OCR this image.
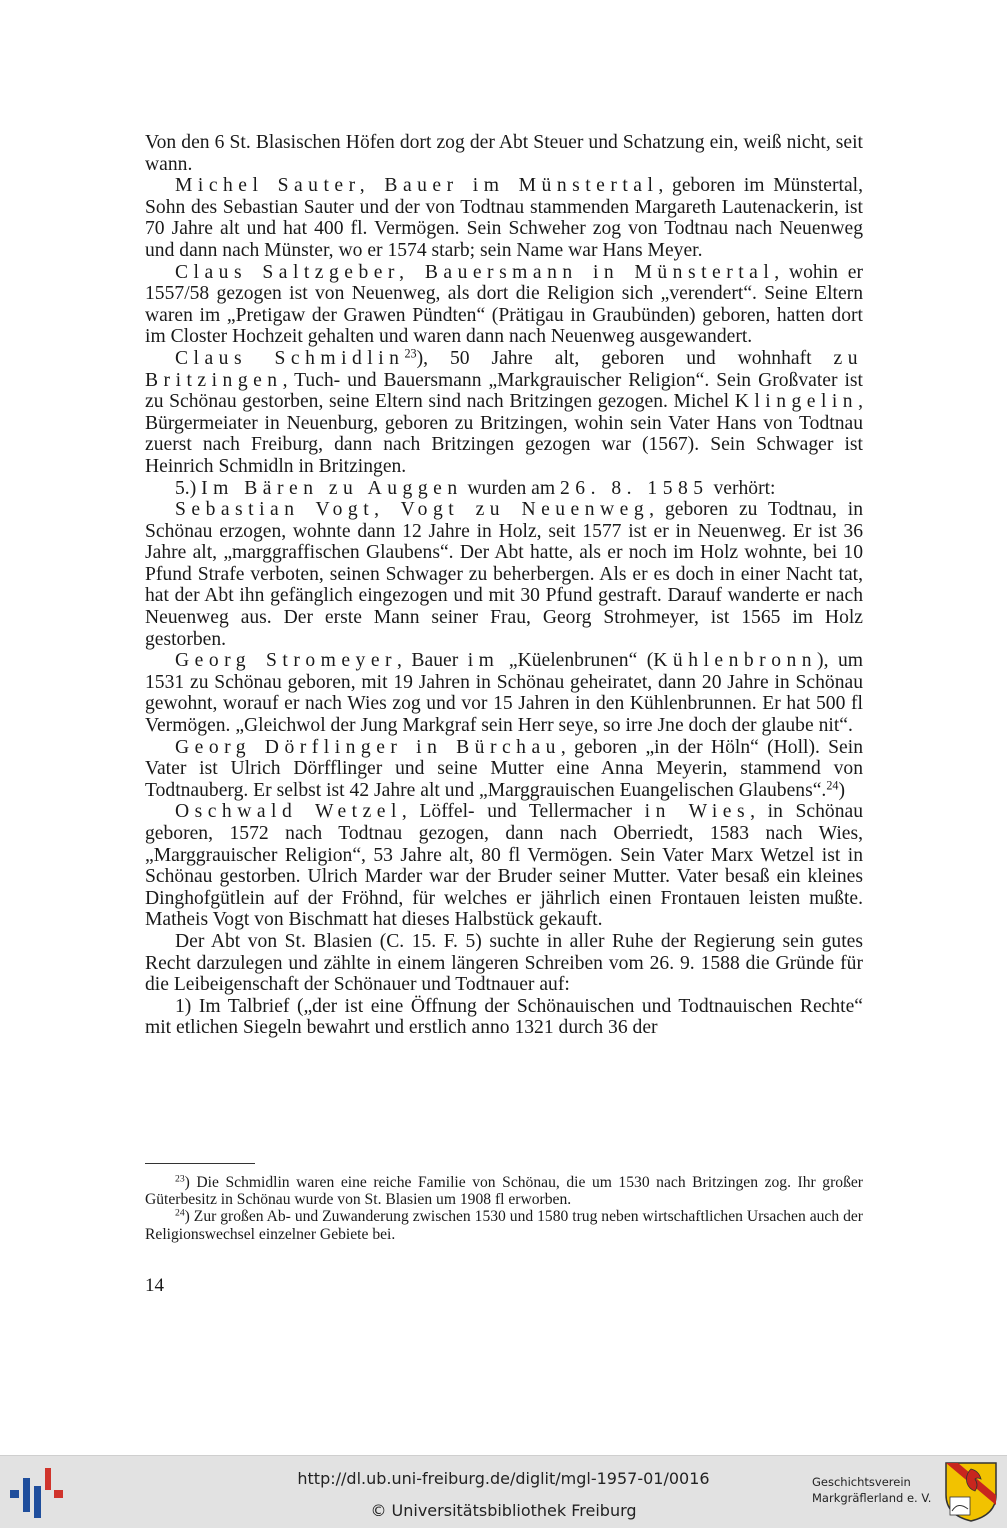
Von den 6 St. Blasischen Höfen dort zog der Abt Steuer und Schatzung ein, weiß nicht, seit wann.

Michel Sauter, Bauer im Münstertal, geboren im Münstertal, Sohn des Sebastian Sauter und der von Todtnau stammenden Margareth Lautenackerin, ist 70 Jahre alt und hat 400 fl. Vermögen. Sein Schweher zog von Todtnau nach Neuenweg und dann nach Münster, wo er 1574 starb; sein Name war Hans Meyer.

Claus Saltzgeber, Bauersmann in Münstertal, wohin er 1557/58 gezogen ist von Neuenweg, als dort die Religion sich „verendert“. Seine Eltern waren im „Pretigaw der Grawen Pündten“ (Prätigau in Graubünden) geboren, hatten dort im Closter Hochzeit gehalten und waren dann nach Neuenweg ausgewandert.

Claus Schmidlin$^{23}$), 50 Jahre alt, geboren und wohnhaft zu Britzingen, Tuch- und Bauersmann „Markgrauischer Religion“. Sein Großvater ist zu Schönau gestorben, seine Eltern sind nach Britzingen gezogen. Michel Klingelin, Bürgermeiater in Neuenburg, geboren zu Britzingen, wohin sein Vater Hans von Todtnau zuerst nach Freiburg, dann nach Britzingen gezogen war (1567). Sein Schwager ist Heinrich Schmidln in Britzingen.

5.) Im Bären zu Auggen wurden am 26. 8. 1585 verhört:

Sebastian Vogt, Vogt zu Neuenweg, geboren zu Todtnau, in Schönau erzogen, wohnte dann 12 Jahre in Holz, seit 1577 ist er in Neuenweg. Er ist 36 Jahre alt, „marggraffischen Glaubens“. Der Abt hatte, als er noch im Holz wohnte, bei 10 Pfund Strafe verboten, seinen Schwager zu beherbergen. Als er es doch in einer Nacht tat, hat der Abt ihn gefänglich eingezogen und mit 30 Pfund gestraft. Darauf wanderte er nach Neuenweg aus. Der erste Mann seiner Frau, Georg Strohmeyer, ist 1565 im Holz gestorben.

Georg Stromeyer, Bauer im „Küelenbrunen“ (Kühlenbronn), um 1531 zu Schönau geboren, mit 19 Jahren in Schönau geheiratet, dann 20 Jahre in Schönau gewohnt, worauf er nach Wies zog und vor 15 Jahren in den Kühlenbrunnen. Er hat 500 fl Vermögen. „Gleichwol der Jung Markgraf sein Herr seye, so irre Jne doch der glaube nit“.

Georg Dörflinger in Bürchau, geboren „in der Höln“ (Holl). Sein Vater ist Ulrich Dörfflinger und seine Mutter eine Anna Meyerin, stammend von Todtnauberg. Er selbst ist 42 Jahre alt und „Marggrauischen Euangelischen Glaubens“.$^{24}$)

Oschwald Wetzel, Löffel- und Tellermacher in Wies, in Schönau geboren, 1572 nach Todtnau gezogen, dann nach Oberriedt, 1583 nach Wies, „Marggrauischer Religion“, 53 Jahre alt, 80 fl Vermögen. Sein Vater Marx Wetzel ist in Schönau gestorben. Ulrich Marder war der Bruder seiner Mutter. Vater besaß ein kleines Dinghofgütlein auf der Fröhnd, für welches er jährlich einen Frontauen leisten mußte. Matheis Vogt von Bischmatt hat dieses Halbstück gekauft.

Der Abt von St. Blasien (C. 15. F. 5) suchte in aller Ruhe der Regierung sein gutes Recht darzulegen und zählte in einem längeren Schreiben vom 26. 9. 1588 die Gründe für die Leibeigenschaft der Schönauer und Todtnauer auf:

1) Im Talbrief („der ist eine Öffnung der Schönauischen und Todtnauischen Rechte“ mit etlichen Siegeln bewahrt und erstlich anno 1321 durch 36 der

$^{23}$) Die Schmidlin waren eine reiche Familie von Schönau, die um 1530 nach Britzingen zog. Ihr großer Güterbesitz in Schönau wurde von St. Blasien um 1908 fl erworben.

$^{24}$) Zur großen Ab- und Zuwanderung zwischen 1530 und 1580 trug neben wirtschaftlichen Ursachen auch der Religionswechsel einzelner Gebiete bei.

14
http://dl.ub.uni-freiburg.de/diglit/mgl-1957-01/0016
© Universitätsbibliothek Freiburg
Geschichtsverein
Markgräflerland e. V.
